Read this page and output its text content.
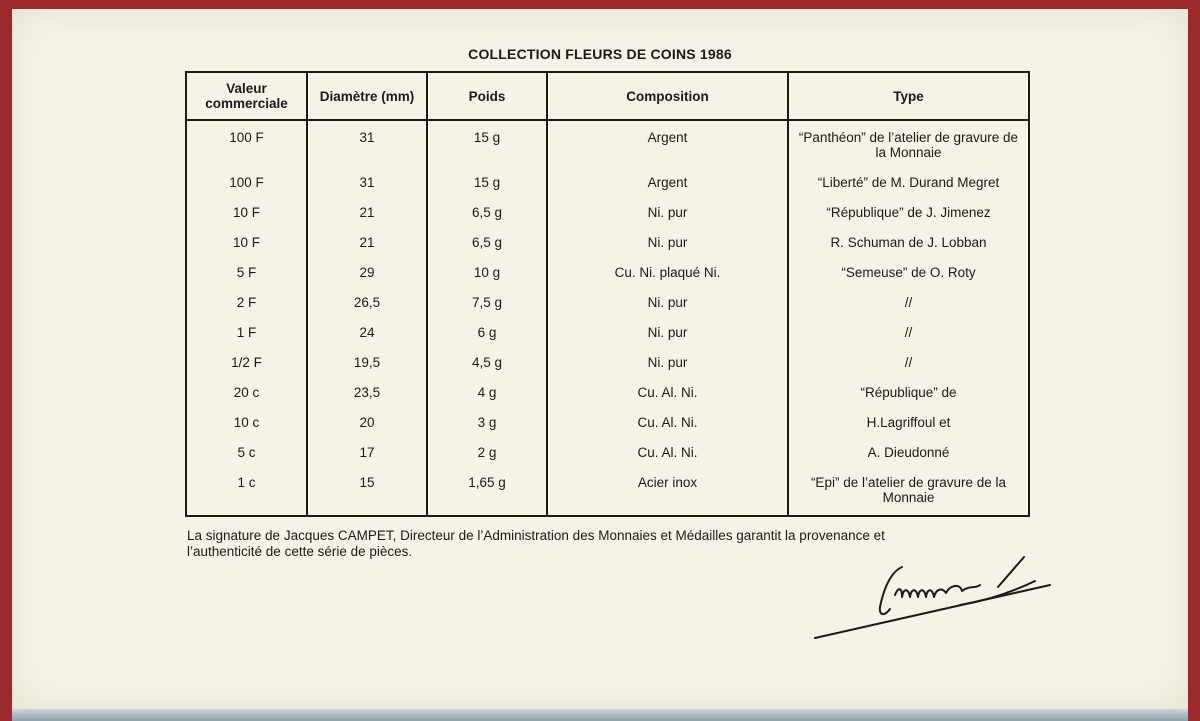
COLLECTION FLEURS DE COINS 1986
Valeur commerciale	Diamètre (mm)	Poids	Composition	Type
100 F	31	15 g	Argent	“Panthéon” de l’atelier de gravure de la Monnaie
100 F	31	15 g	Argent	“Liberté” de M. Durand Megret
10 F	21	6,5 g	Ni. pur	“République” de J. Jimenez
10 F	21	6,5 g	Ni. pur	R. Schuman de J. Lobban
5 F	29	10 g	Cu. Ni. plaqué Ni.	“Semeuse” de O. Roty
2 F	26,5	7,5 g	Ni. pur	//
1 F	24	6 g	Ni. pur	//
1/2 F	19,5	4,5 g	Ni. pur	//
20 c	23,5	4 g	Cu. Al. Ni.	“République” de
10 c	20	3 g	Cu. Al. Ni.	H.Lagriffoul et
5 c	17	2 g	Cu. Al. Ni.	A. Dieudonné
1 c	15	1,65 g	Acier inox	“Epi” de l’atelier de gravure de la Monnaie
La signature de Jacques CAMPET, Directeur de l’Administration des Monnaies et Médailles garantit la provenance et
l’authenticité de cette série de pièces.
